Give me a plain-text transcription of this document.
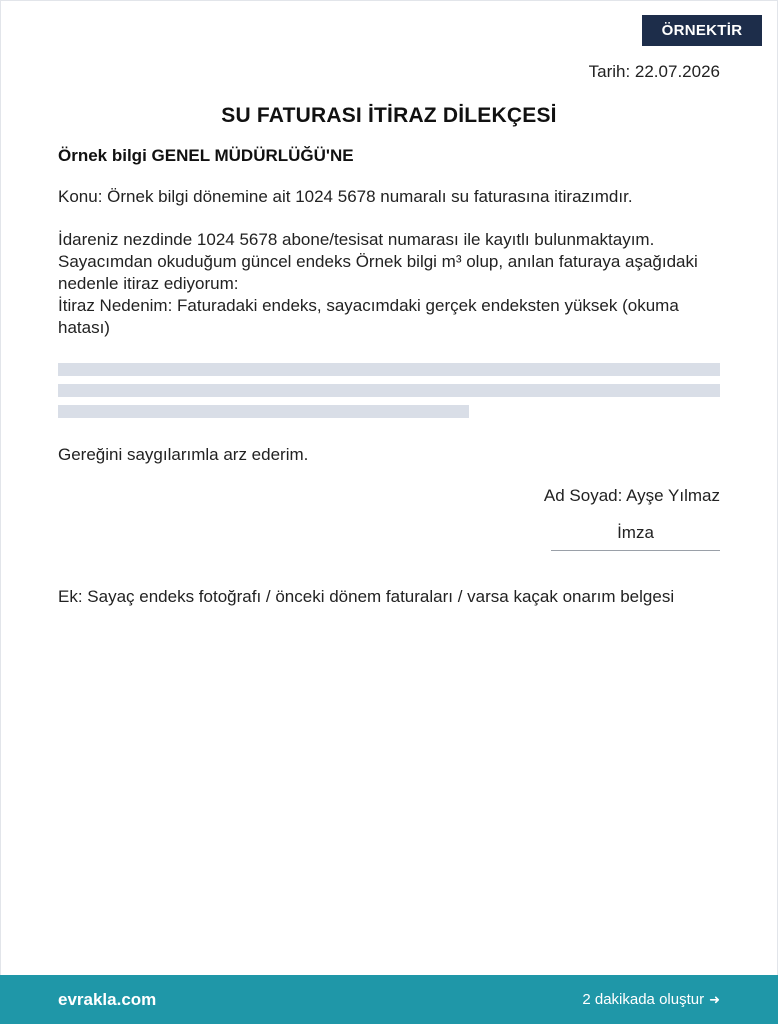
ÖRNEKTİR
Tarih: 22.07.2026
SU FATURASI İTİRAZ DİLEKÇESİ
Örnek bilgi GENEL MÜDÜRLÜĞÜ'NE
Konu: Örnek bilgi dönemine ait 1024 5678 numaralı su faturasına itirazımdır.
İdareniz nezdinde 1024 5678 abone/tesisat numarası ile kayıtlı bulunmaktayım. Sayacımdan okuduğum güncel endeks Örnek bilgi m³ olup, anılan faturaya aşağıdaki nedenle itiraz ediyorum:
İtiraz Nedenim: Faturadaki endeks, sayacımdaki gerçek endeksten yüksek (okuma hatası)
Gereğini saygılarımla arz ederim.
Ad Soyad: Ayşe Yılmaz
İmza
Ek: Sayaç endeks fotoğrafı / önceki dönem faturaları / varsa kaçak onarım belgesi
evrakla.com	2 dakikada oluştur ➜
